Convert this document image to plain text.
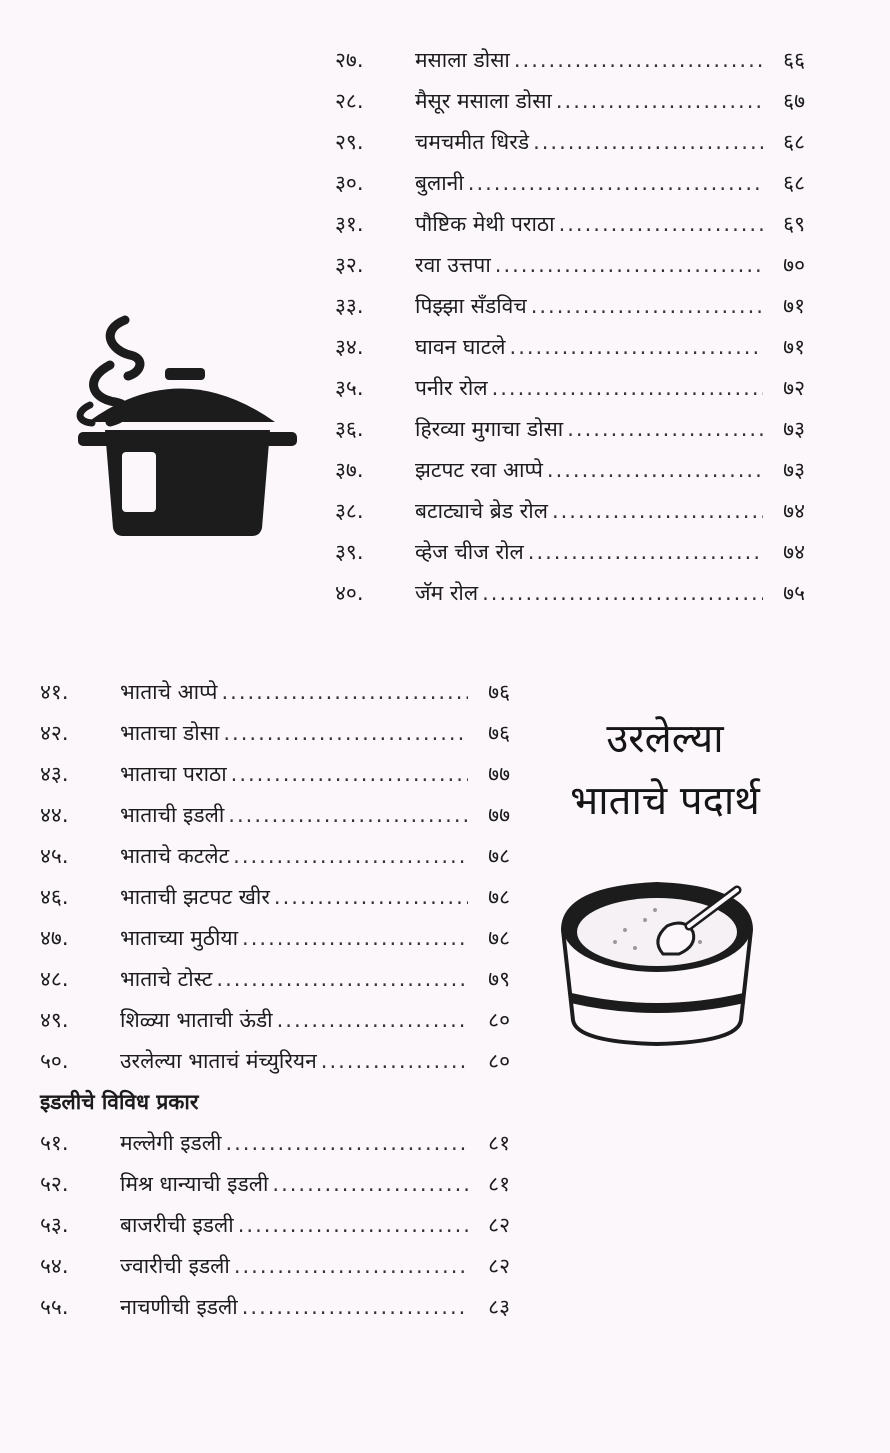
२७.	मसाला डोसा .....	६६
२८.	मैसूर मसाला डोसा .....	६७
२९.	चमचमीत धिरडे .....	६८
३०.	बुलानी .....	६८
३१.	पौष्टिक मेथी पराठा .....	६९
३२.	रवा उत्तपा .....	७०
३३.	पिझ्झा सँडविच .....	७१
३४.	घावन घाटले .....	७१
३५.	पनीर रोल .....	७२
३६.	हिरव्या मुगाचा डोसा .....	७३
३७.	झटपट रवा आप्पे .....	७३
३८.	बटाट्याचे ब्रेड रोल .....	७४
३९.	व्हेज चीज रोल .....	७४
४०.	जॅम रोल .....	७५
४१.	भाताचे आप्पे .....	७६
४२.	भाताचा डोसा .....	७६
४३.	भाताचा पराठा .....	७७
४४.	भाताची इडली .....	७७
४५.	भाताचे कटलेट .....	७८
४६.	भाताची झटपट खीर .....	७८
४७.	भाताच्या मुठीया .....	७८
४८.	भाताचे टोस्ट .....	७९
४९.	शिळ्या भाताची ऊंडी .....	८०
५०.	उरलेल्या भाताचं मंच्युरियन .....	८०
इडलीचे विविध प्रकार
५१.	मल्लेगी इडली .....	८१
५२.	मिश्र धान्याची इडली .....	८१
५३.	बाजरीची इडली .....	८२
५४.	ज्वारीची इडली .....	८२
५५.	नाचणीची इडली .....	८३
उरलेल्या
भाताचे पदार्थ
